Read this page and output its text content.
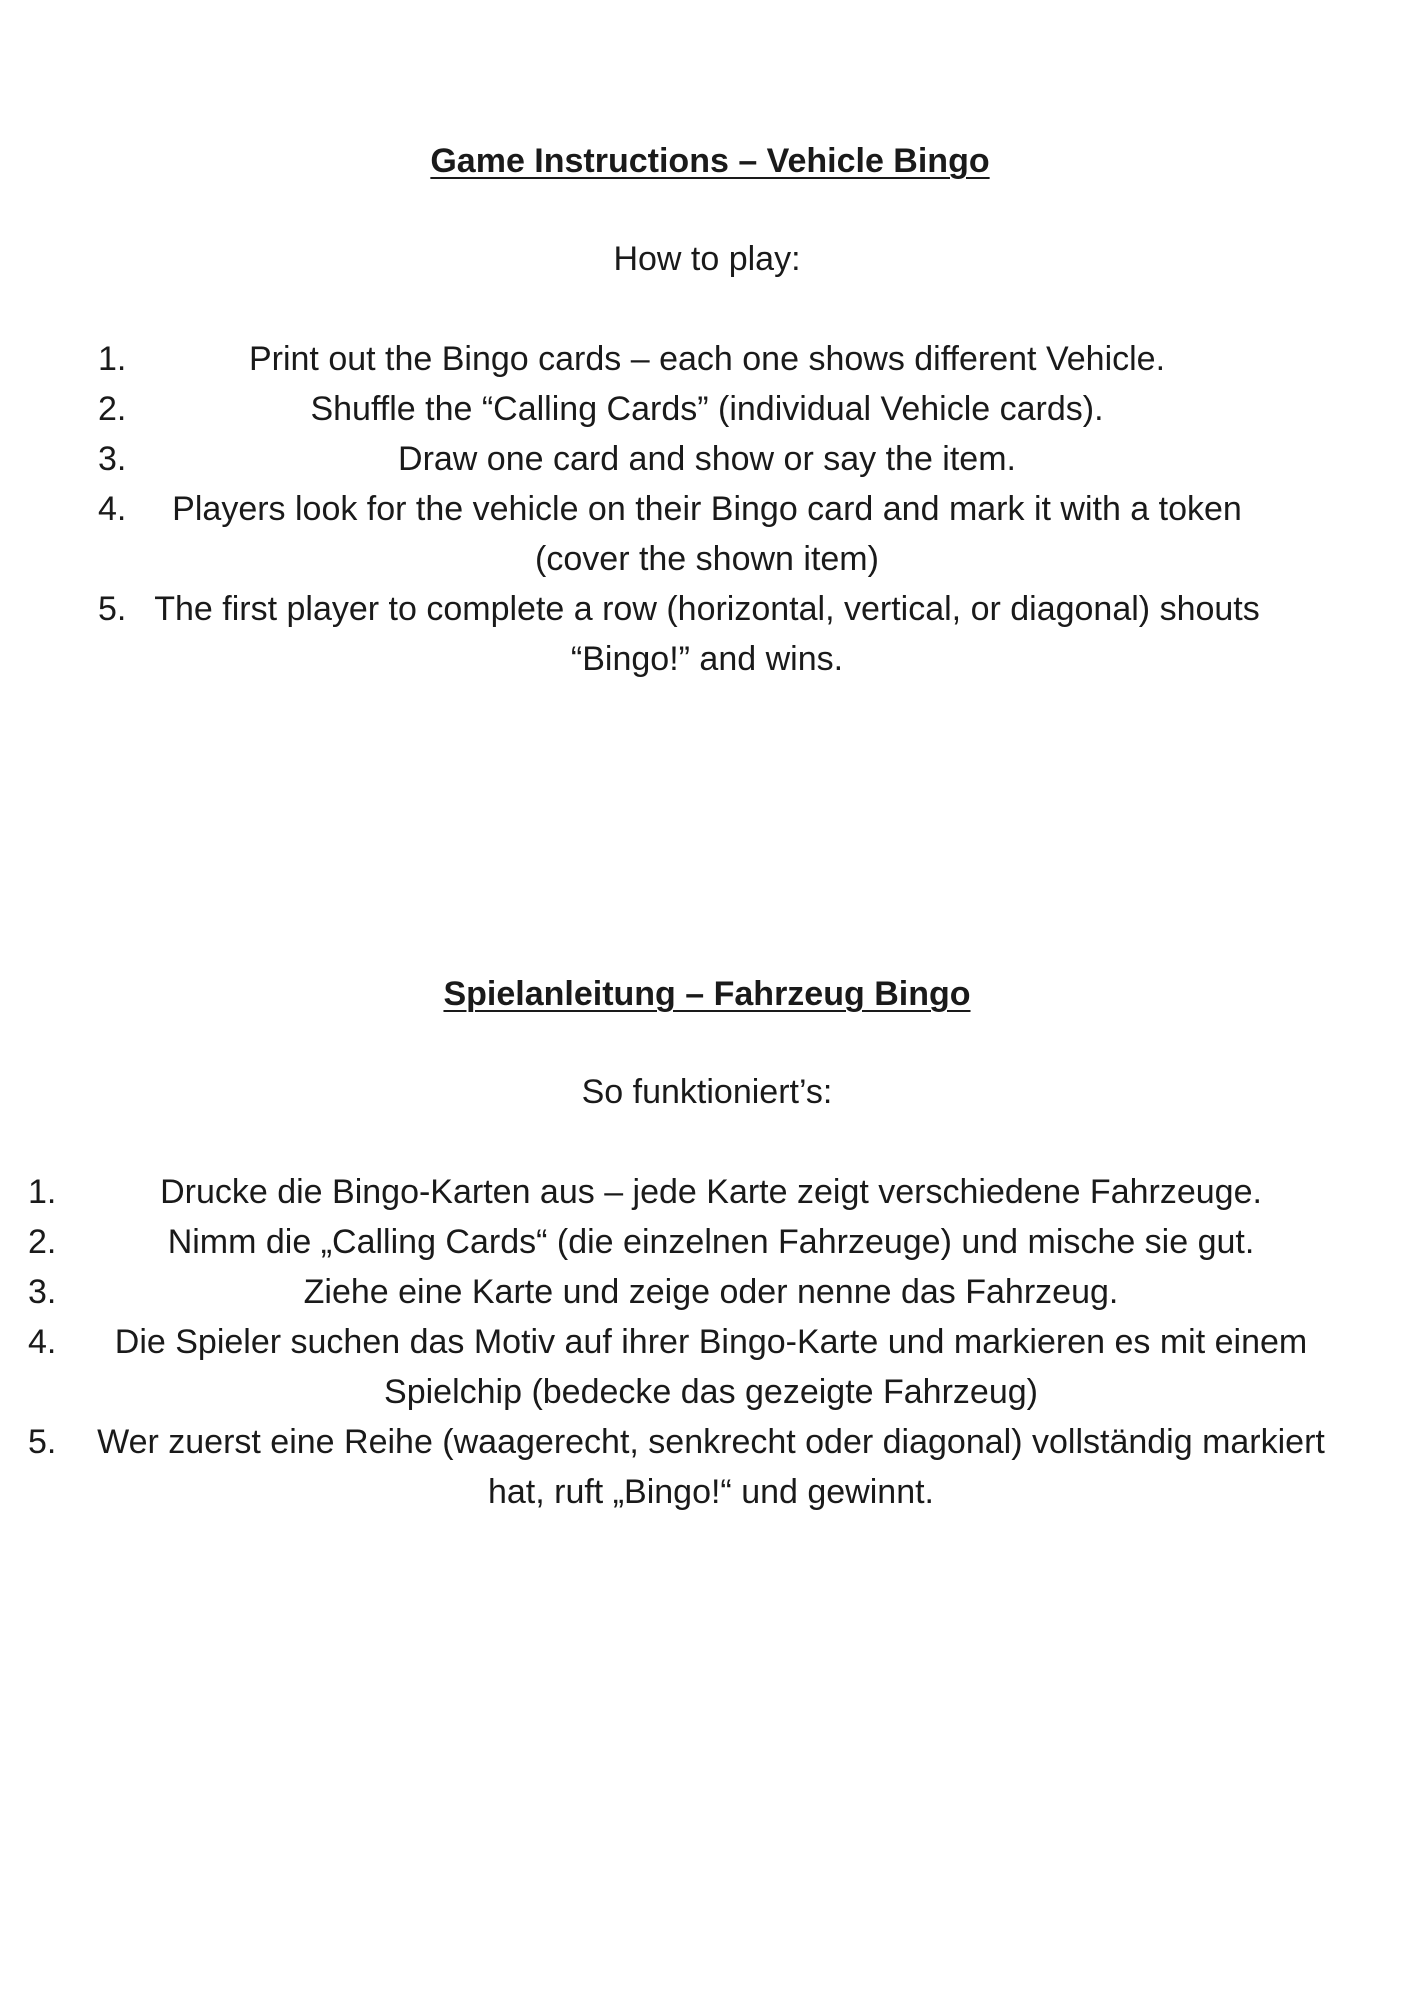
Game Instructions – Vehicle Bingo

How to play:

1.	Print out the Bingo cards – each one shows different Vehicle.
2.	Shuffle the “Calling Cards” (individual Vehicle cards).
3.	Draw one card and show or say the item.
4.	Players look for the vehicle on their Bingo card and mark it with a token (cover the shown item)
5. The first player to complete a row (horizontal, vertical, or diagonal) shouts “Bingo!” and wins.
Spielanleitung – Fahrzeug Bingo

So funktioniert’s:

1.	Drucke die Bingo-Karten aus – jede Karte zeigt verschiedene Fahrzeuge.
2.	Nimm die „Calling Cards“ (die einzelnen Fahrzeuge) und mische sie gut.
3.	Ziehe eine Karte und zeige oder nenne das Fahrzeug.
4.	Die Spieler suchen das Motiv auf ihrer Bingo-Karte und markieren es mit einem Spielchip (bedecke das gezeigte Fahrzeug)
5.	Wer zuerst eine Reihe (waagerecht, senkrecht oder diagonal) vollständig markiert hat, ruft „Bingo!“ und gewinnt.
